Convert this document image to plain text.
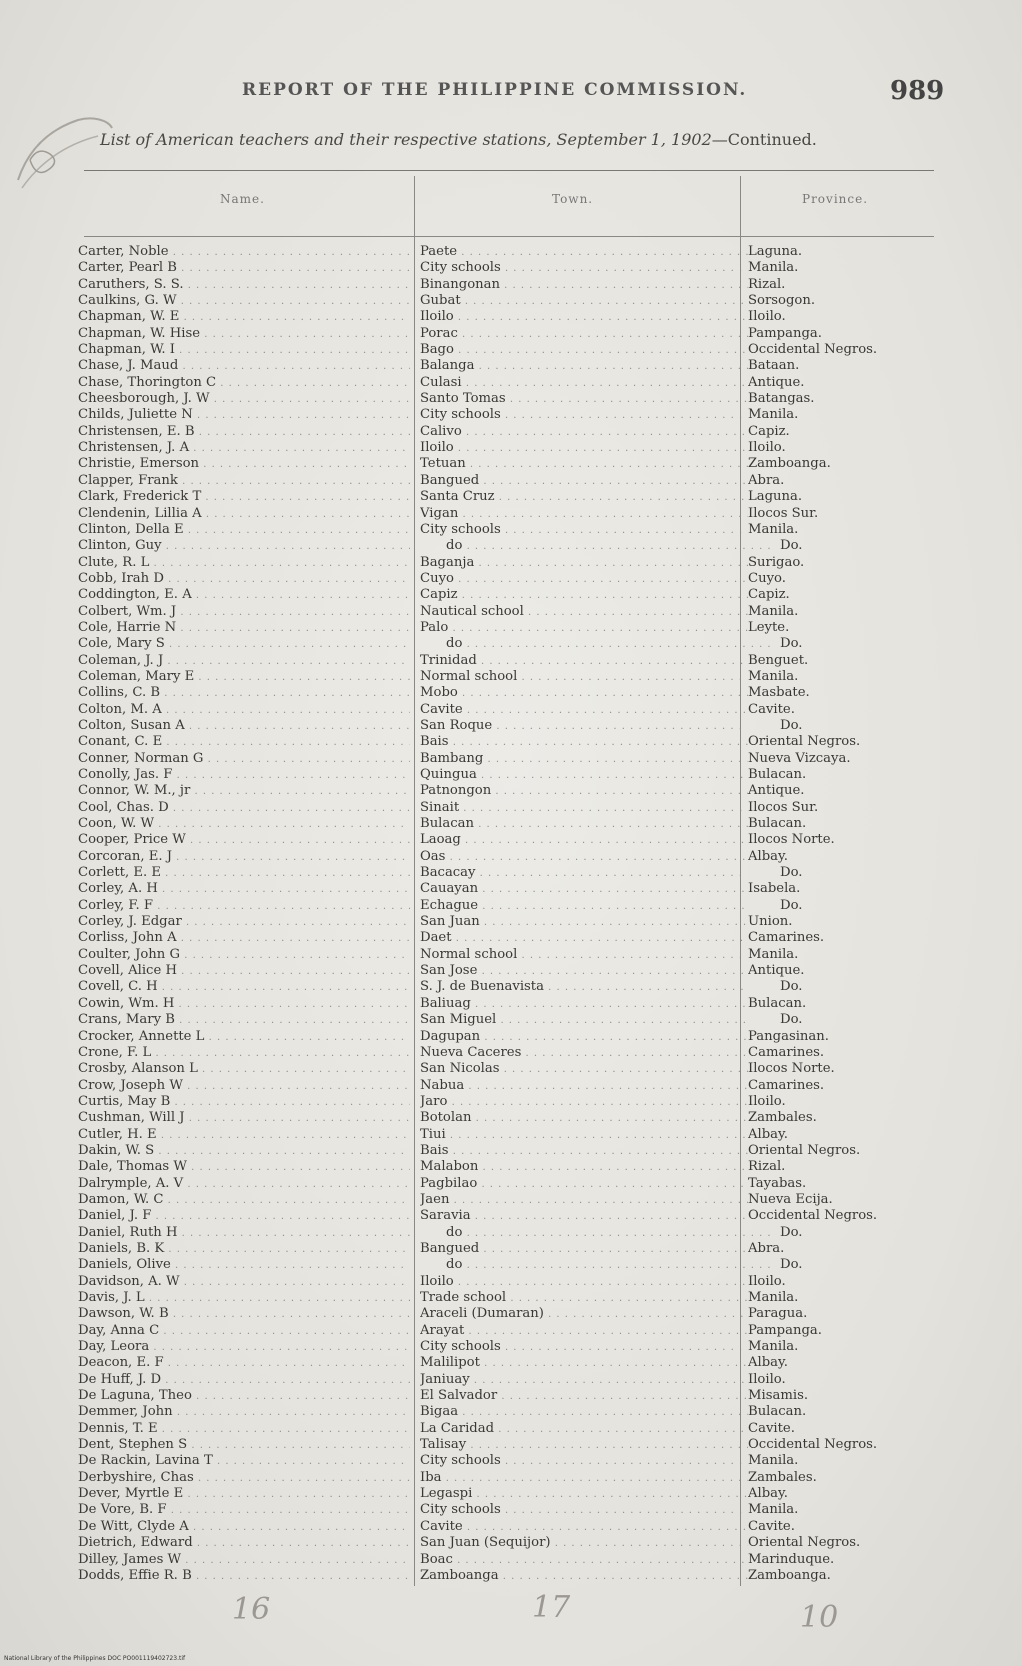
REPORT OF THE PHILIPPINE COMMISSION.	989
List of American teachers and their respective stations, September 1, 1902—Continued.
Name.	Town.	Province.
Carter, Noble . . .	Paete . . .	Laguna.
Carter, Pearl B . . .	City schools . . .	Manila.
Caruthers, S. S. . . .	Binangonan . . .	Rizal.
Caulkins, G. W . . .	Gubat . . .	Sorsogon.
Chapman, W. E . . .	Iloilo . . .	Iloilo.
Chapman, W. Hise . . .	Porac . . .	Pampanga.
Chapman, W. I . . .	Bago . . .	Occidental Negros.
Chase, J. Maud . . .	Balanga . . .	Bataan.
Chase, Thorington C . . .	Culasi . . .	Antique.
Cheesborough, J. W . . .	Santo Tomas . . .	Batangas.
Childs, Juliette N . . .	City schools . . .	Manila.
Christensen, E. B . . .	Calivo . . .	Capiz.
Christensen, J. A . . .	Iloilo . . .	Iloilo.
Christie, Emerson . . .	Tetuan . . .	Zamboanga.
Clapper, Frank . . .	Bangued . . .	Abra.
Clark, Frederick T . . .	Santa Cruz . . .	Laguna.
Clendenin, Lillia A . . .	Vigan . . .	Ilocos Sur.
Clinton, Della E . . .	City schools . . .	Manila.
Clinton, Guy . . .	do . . .	Do.
Clute, R. L . . .	Baganja . . .	Surigao.
Cobb, Irah D . . .	Cuyo . . .	Cuyo.
Coddington, E. A . . .	Capiz . . .	Capiz.
Colbert, Wm. J . . .	Nautical school . . .	Manila.
Cole, Harrie N . . .	Palo . . .	Leyte.
Cole, Mary S . . .	do . . .	Do.
Coleman, J. J . . .	Trinidad . . .	Benguet.
Coleman, Mary E . . .	Normal school . . .	Manila.
Collins, C. B . . .	Mobo . . .	Masbate.
Colton, M. A . . .	Cavite . . .	Cavite.
Colton, Susan A . . .	San Roque . . .	Do.
Conant, C. E . . .	Bais . . .	Oriental Negros.
Conner, Norman G . . .	Bambang . . .	Nueva Vizcaya.
Conolly, Jas. F . . .	Quingua . . .	Bulacan.
Connor, W. M., jr . . .	Patnongon . . .	Antique.
Cool, Chas. D . . .	Sinait . . .	Ilocos Sur.
Coon, W. W . . .	Bulacan . . .	Bulacan.
Cooper, Price W . . .	Laoag . . .	Ilocos Norte.
Corcoran, E. J . . .	Oas . . .	Albay.
Corlett, E. E . . .	Bacacay . . .	Do.
Corley, A. H . . .	Cauayan . . .	Isabela.
Corley, F. F . . .	Echague . . .	Do.
Corley, J. Edgar . . .	San Juan . . .	Union.
Corliss, John A . . .	Daet . . .	Camarines.
Coulter, John G . . .	Normal school . . .	Manila.
Covell, Alice H . . .	San Jose . . .	Antique.
Covell, C. H . . .	S. J. de Buenavista . . .	Do.
Cowin, Wm. H . . .	Baliuag . . .	Bulacan.
Crans, Mary B . . .	San Miguel . . .	Do.
Crocker, Annette L . . .	Dagupan . . .	Pangasinan.
Crone, F. L . . .	Nueva Caceres . . .	Camarines.
Crosby, Alanson L . . .	San Nicolas . . .	Ilocos Norte.
Crow, Joseph W . . .	Nabua . . .	Camarines.
Curtis, May B . . .	Jaro . . .	Iloilo.
Cushman, Will J . . .	Botolan . . .	Zambales.
Cutler, H. E . . .	Tiui . . .	Albay.
Dakin, W. S . . .	Bais . . .	Oriental Negros.
Dale, Thomas W . . .	Malabon . . .	Rizal.
Dalrymple, A. V . . .	Pagbilao . . .	Tayabas.
Damon, W. C . . .	Jaen . . .	Nueva Ecija.
Daniel, J. F . . .	Saravia . . .	Occidental Negros.
Daniel, Ruth H . . .	do . . .	Do.
Daniels, B. K . . .	Bangued . . .	Abra.
Daniels, Olive . . .	do . . .	Do.
Davidson, A. W . . .	Iloilo . . .	Iloilo.
Davis, J. L . . .	Trade school . . .	Manila.
Dawson, W. B . . .	Araceli (Dumaran) . . .	Paragua.
Day, Anna C . . .	Arayat . . .	Pampanga.
Day, Leora . . .	City schools . . .	Manila.
Deacon, E. F . . .	Malilipot . . .	Albay.
De Huff, J. D . . .	Janiuay . . .	Iloilo.
De Laguna, Theo . . .	El Salvador . . .	Misamis.
Demmer, John . . .	Bigaa . . .	Bulacan.
Dennis, T. E . . .	La Caridad . . .	Cavite.
Dent, Stephen S . . .	Talisay . . .	Occidental Negros.
De Rackin, Lavina T . . .	City schools . . .	Manila.
Derbyshire, Chas . . .	Iba . . .	Zambales.
Dever, Myrtle E . . .	Legaspi . . .	Albay.
De Vore, B. F . . .	City schools . . .	Manila.
De Witt, Clyde A . . .	Cavite . . .	Cavite.
Dietrich, Edward . . .	San Juan (Sequijor) . . .	Oriental Negros.
Dilley, James W . . .	Boac . . .	Marinduque.
Dodds, Effie R. B . . .	Zamboanga . . .	Zamboanga.
16	17	10
National Library of the Philippines DOC PO001119402723.tif
